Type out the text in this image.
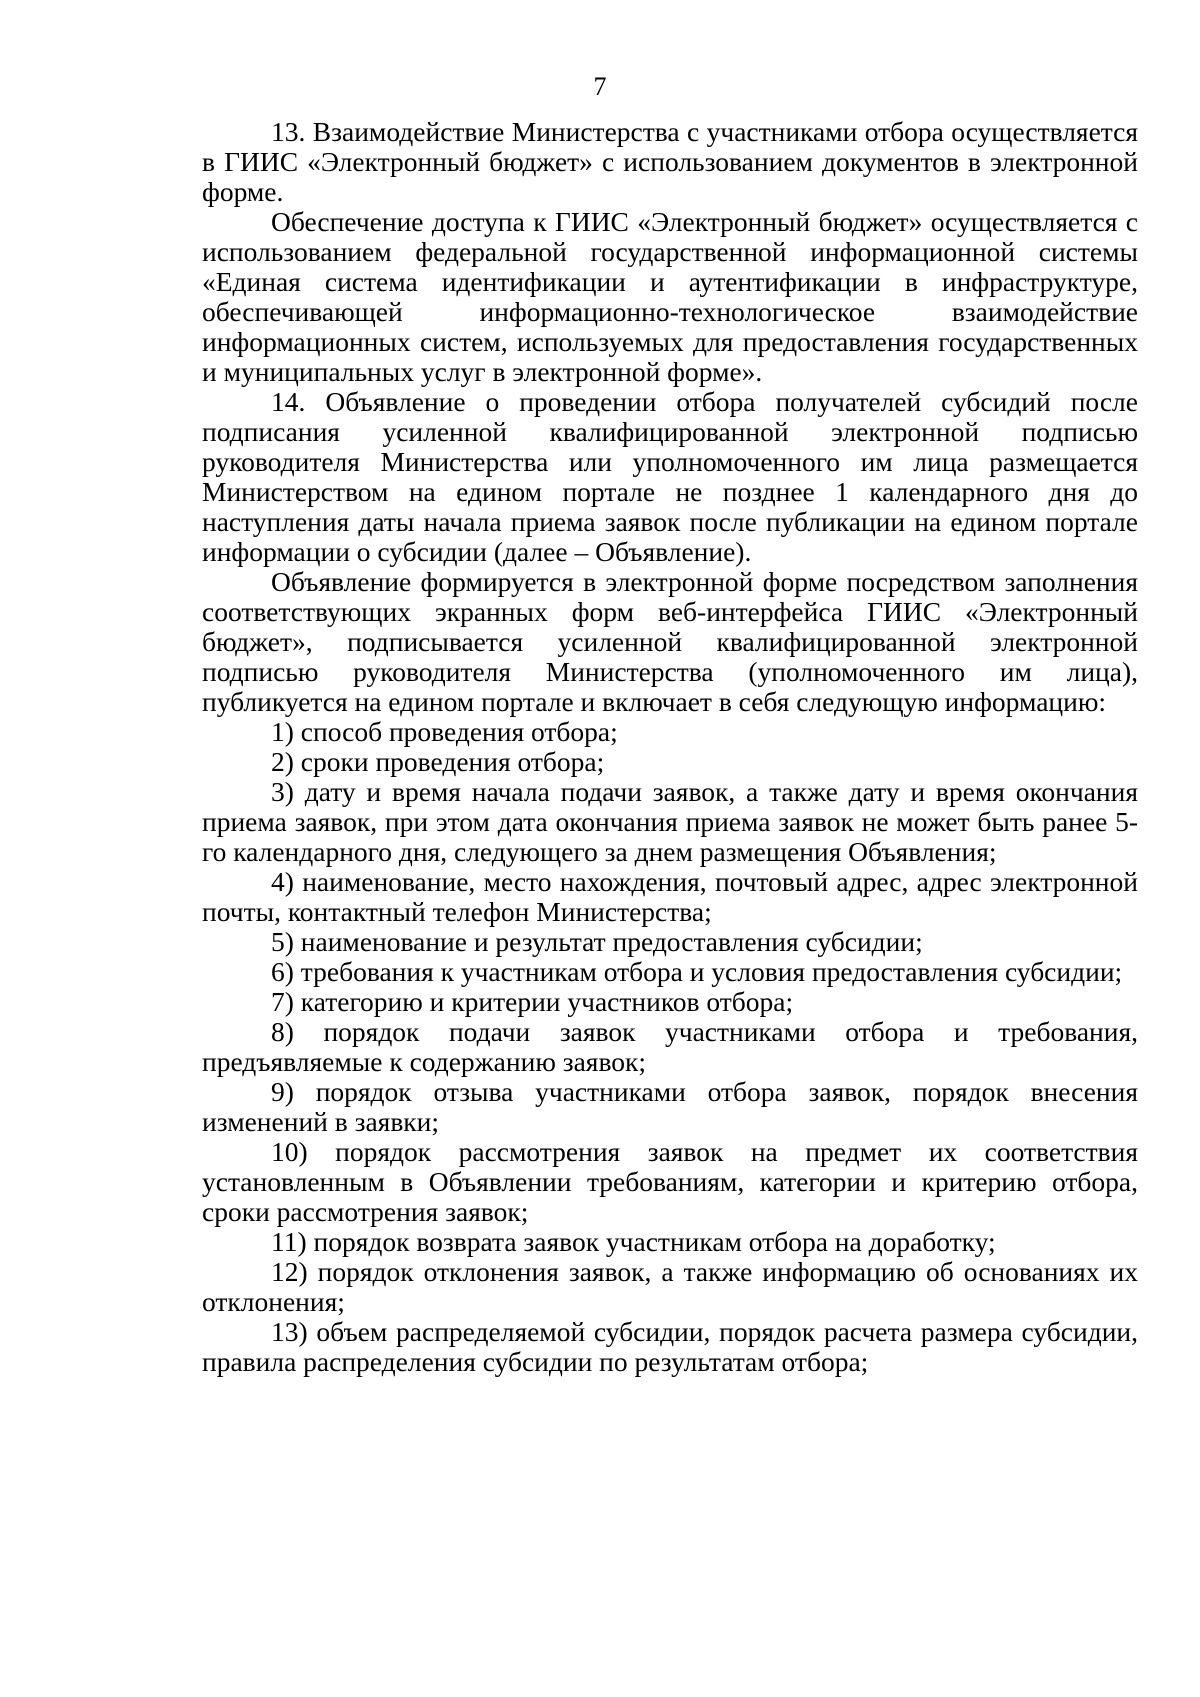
7

13. Взаимодействие Министерства с участниками отбора осуществляется в ГИИС «Электронный бюджет» с использованием документов в электронной форме.

Обеспечение доступа к ГИИС «Электронный бюджет» осуществляется с использованием федеральной государственной информационной системы «Единая система идентификации и аутентификации в инфраструктуре, обеспечивающей информационно-технологическое взаимодействие информационных систем, используемых для предоставления государственных и муниципальных услуг в электронной форме».

14. Объявление о проведении отбора получателей субсидий после подписания усиленной квалифицированной электронной подписью руководителя Министерства или уполномоченного им лица размещается Министерством на едином портале не позднее 1 календарного дня до наступления даты начала приема заявок после публикации на едином портале информации о субсидии (далее – Объявление).

Объявление формируется в электронной форме посредством заполнения соответствующих экранных форм веб-интерфейса ГИИС «Электронный бюджет», подписывается усиленной квалифицированной электронной подписью руководителя Министерства (уполномоченного им лица), публикуется на едином портале и включает в себя следующую информацию:

1) способ проведения отбора;

2) сроки проведения отбора;

3) дату и время начала подачи заявок, а также дату и время окончания приема заявок, при этом дата окончания приема заявок не может быть ранее 5-го календарного дня, следующего за днем размещения Объявления;

4) наименование, место нахождения, почтовый адрес, адрес электронной почты, контактный телефон Министерства;

5) наименование и результат предоставления субсидии;

6) требования к участникам отбора и условия предоставления субсидии;

7) категорию и критерии участников отбора;

8) порядок подачи заявок участниками отбора и требования, предъявляемые к содержанию заявок;

9) порядок отзыва участниками отбора заявок, порядок внесения изменений в заявки;

10) порядок рассмотрения заявок на предмет их соответствия установленным в Объявлении требованиям, категории и критерию отбора, сроки рассмотрения заявок;

11) порядок возврата заявок участникам отбора на доработку;

12) порядок отклонения заявок, а также информацию об основаниях их отклонения;

13) объем распределяемой субсидии, порядок расчета размера субсидии, правила распределения субсидии по результатам отбора;
